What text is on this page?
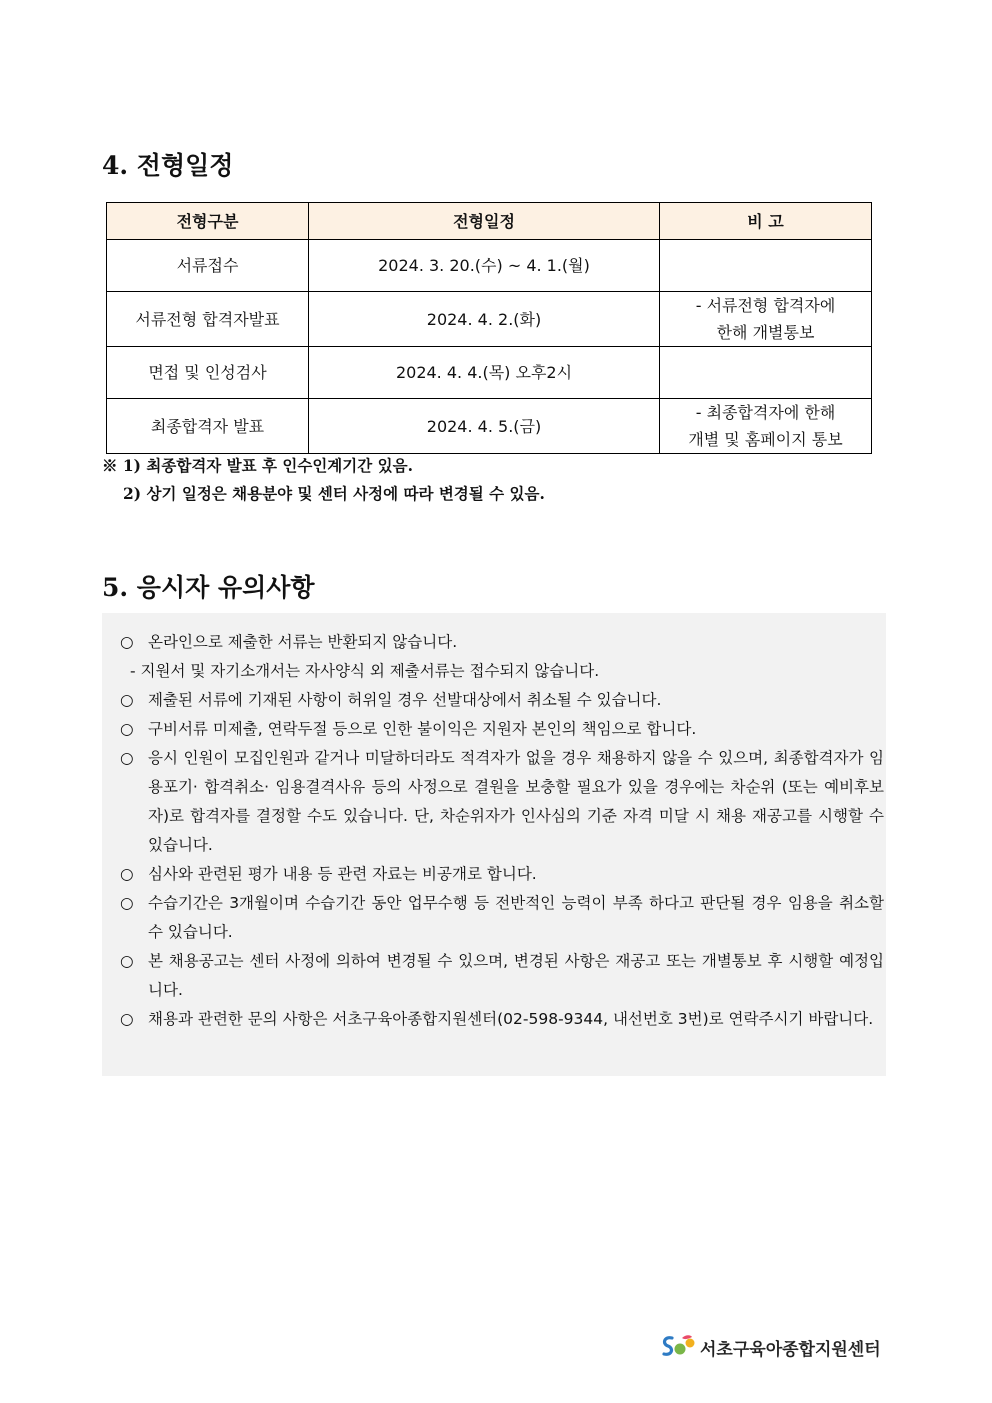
4. 전형일정
전형구분	전형일정	비 고
서류접수	2024. 3. 20.(수) ~ 4. 1.(월)	

서류전형 합격자발표	2024. 4. 2.(화)	- 서류전형 합격자에
한해 개별통보

면접 및 인성검사	2024. 4. 4.(목) 오후2시	

최종합격자 발표	2024. 4. 5.(금)	- 최종합격자에 한해
개별 및 홈페이지 통보
※ 1) 최종합격자 발표 후 인수인계기간 있음.
2) 상기 일정은 채용분야 및 센터 사정에 따라 변경될 수 있음.
5. 응시자 유의사항
○ 온라인으로 제출한 서류는 반환되지 않습니다.
- 지원서 및 자기소개서는 자사양식 외 제출서류는 접수되지 않습니다.
○ 제출된 서류에 기재된 사항이 허위일 경우 선발대상에서 취소될 수 있습니다.
○ 구비서류 미제출, 연락두절 등으로 인한 불이익은 지원자 본인의 책임으로 합니다.
○ 응시 인원이 모집인원과 같거나 미달하더라도 적격자가 없을 경우 채용하지 않을 수 있으며, 최종합격자가 임용포기· 합격취소· 임용결격사유 등의 사정으로 결원을 보충할 필요가 있을 경우에는 차순위 (또는 예비후보자)로 합격자를 결정할 수도 있습니다. 단, 차순위자가 인사심의 기준 자격 미달 시 채용 재공고를 시행할 수 있습니다.
○ 심사와 관련된 평가 내용 등 관련 자료는 비공개로 합니다.
○ 수습기간은 3개월이며 수습기간 동안 업무수행 등 전반적인 능력이 부족 하다고 판단될 경우 임용을 취소할 수 있습니다.
○ 본 채용공고는 센터 사정에 의하여 변경될 수 있으며, 변경된 사항은 재공고 또는 개별통보 후 시행할 예정입니다.
○ 채용과 관련한 문의 사항은 서초구육아종합지원센터(02-598-9344, 내선번호 3번)로 연락주시기 바랍니다.
서초구육아종합지원센터
